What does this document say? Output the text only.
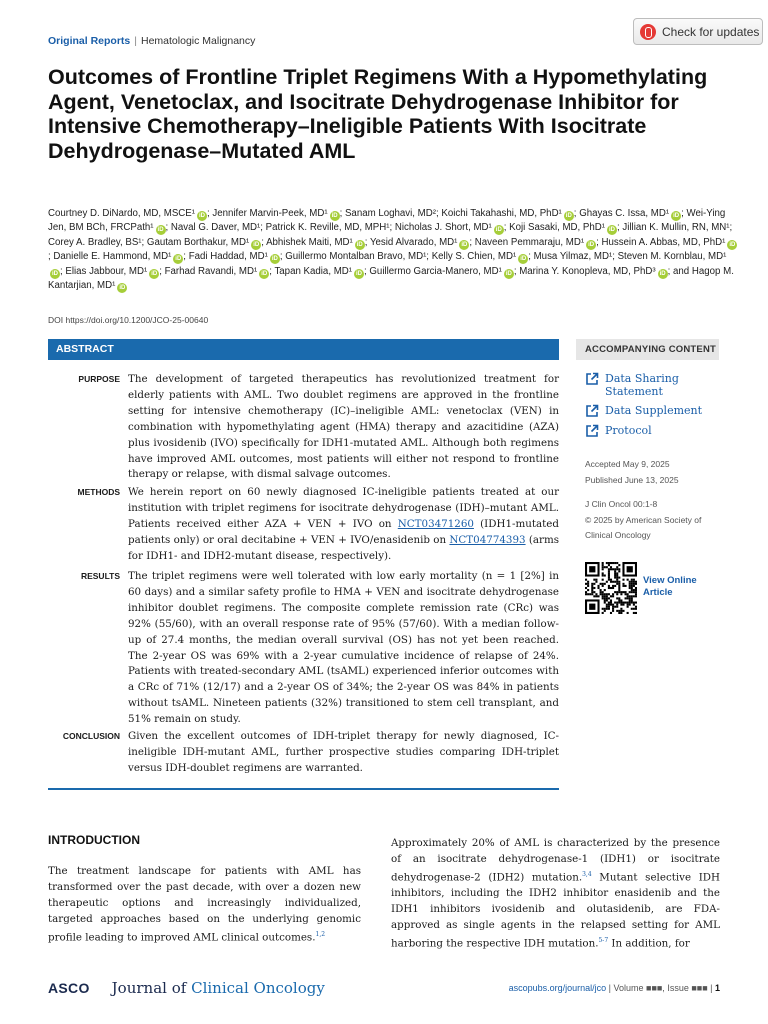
Original Reports | Hematologic Malignancy
Check for updates
Outcomes of Frontline Triplet Regimens With a Hypomethylating Agent, Venetoclax, and Isocitrate Dehydrogenase Inhibitor for Intensive Chemotherapy–Ineligible Patients With Isocitrate Dehydrogenase–Mutated AML
Courtney D. DiNardo, MD, MSCE¹ iD ; Jennifer Marvin-Peek, MD¹ iD ; Sanam Loghavi, MD²; Koichi Takahashi, MD, PhD¹ iD ; Ghayas C. Issa, MD¹ iD ; Wei-Ying Jen, BM BCh, FRCPath¹ iD ; Naval G. Daver, MD¹; Patrick K. Reville, MD, MPH¹; Nicholas J. Short, MD¹ iD ; Koji Sasaki, MD, PhD¹ iD ; Jillian K. Mullin, RN, MN¹; Corey A. Bradley, BS¹; Gautam Borthakur, MD¹ iD ; Abhishek Maiti, MD¹ iD ; Yesid Alvarado, MD¹ iD ; Naveen Pemmaraju, MD¹ iD ; Hussein A. Abbas, MD, PhD¹ iD; Danielle E. Hammond, MD¹ iD ; Fadi Haddad, MD¹ iD ; Guillermo Montalban Bravo, MD¹; Kelly S. Chien, MD¹ iD ; Musa Yilmaz, MD¹; Steven M. Kornblau, MD¹iD ; Elias Jabbour, MD¹ iD ; Farhad Ravandi, MD¹ iD ; Tapan Kadia, MD¹ iD ; Guillermo Garcia-Manero, MD¹ iD ; Marina Y. Konopleva, MD, PhD³ iD ; and Hagop M. Kantarjian, MD¹ iD
DOI https://doi.org/10.1200/JCO-25-00640
ABSTRACT
PURPOSE The development of targeted therapeutics has revolutionized treatment for elderly patients with AML. Two doublet regimens are approved in the frontline setting for intensive chemotherapy (IC)–ineligible AML: venetoclax (VEN) in combination with hypomethylating agent (HMA) therapy and azacitidine (AZA) plus ivosidenib (IVO) specifically for IDH1-mutated AML. Although both regimens have improved AML outcomes, most patients will either not respond to frontline therapy or relapse, with dismal salvage outcomes.
METHODS We herein report on 60 newly diagnosed IC-ineligible patients treated at our institution with triplet regimens for isocitrate dehydrogenase (IDH)–mutant AML. Patients received either AZA + VEN + IVO on NCT03471260 (IDH1-mutated patients only) or oral decitabine + VEN + IVO/enasidenib on NCT04774393 (arms for IDH1- and IDH2-mutant disease, respectively).
RESULTS The triplet regimens were well tolerated with low early mortality (n = 1 [2%] in 60 days) and a similar safety profile to HMA + VEN and isocitrate dehydrogenase inhibitor doublet regimens. The composite complete remission rate (CRc) was 92% (55/60), with an overall response rate of 95% (57/60). With a median follow-up of 27.4 months, the median overall survival (OS) has not yet been reached. The 2-year OS was 69% with a 2-year cumulative incidence of relapse of 24%. Patients with treated-secondary AML (tsAML) experienced inferior outcomes with a CRc of 71% (12/17) and a 2-year OS of 34%; the 2-year OS was 84% in patients without tsAML. Nineteen patients (32%) transitioned to stem cell transplant, and 51% remain on study.
CONCLUSION Given the excellent outcomes of IDH-triplet therapy for newly diagnosed, IC-ineligible IDH-mutant AML, further prospective studies comparing IDH-triplet versus IDH-doublet regimens are warranted.
ACCOMPANYING CONTENT
Data Sharing Statement
Data Supplement
Protocol
Accepted May 9, 2025
Published June 13, 2025
J Clin Oncol 00:1-8
© 2025 by American Society of Clinical Oncology
View Online Article
INTRODUCTION
The treatment landscape for patients with AML has transformed over the past decade, with over a dozen new therapeutic options and increasingly individualized, targeted approaches based on the underlying genomic profile leading to improved AML clinical outcomes.$^{1,2}$
Approximately 20% of AML is characterized by the presence of an isocitrate dehydrogenase-1 (IDH1) or isocitrate dehydrogenase-2 (IDH2) mutation.$^{3,4}$ Mutant selective IDH inhibitors, including the IDH2 inhibitor enasidenib and the IDH1 inhibitors ivosidenib and olutasidenib, are FDA-approved as single agents in the relapsed setting for AML harboring the respective IDH mutation.$^{5-7}$ In addition, for
ASCO Journal of Clinical Oncology	ascopubs.org/journal/jco | Volume ■■■, Issue ■■■ | 1
